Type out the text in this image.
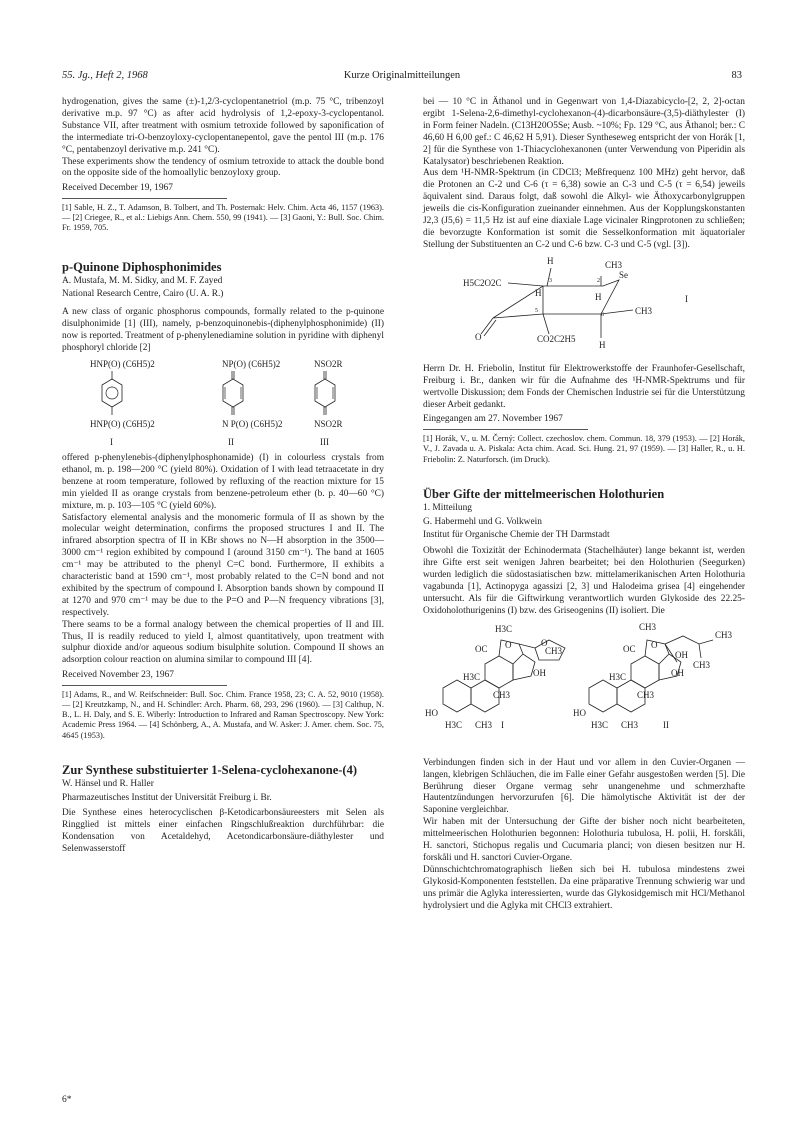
55. Jg., Heft 2, 1968	Kurze Originalmitteilungen	83

hydrogenation, gives the same (±)-1,2/3-cyclopentanetriol (m.p. 75 °C, tribenzoyl derivative m.p. 97 °C) as after acid hydrolysis of 1,2-epoxy-3-cyclopentanol. Substance VII, after treatment with osmium tetroxide followed by saponification of the intermediate tri-O-benzoyloxy-cyclopentanepentol, gave the pentol III (m.p. 176 °C, pentabenzoyl derivative m.p. 241 °C).

These experiments show the tendency of osmium tetroxide to attack the double bond on the opposite side of the homoallylic benzoyloxy group.

Received December 19, 1967

[1] Sable, H. Z., T. Adamson, B. Tolbert, and Th. Posternak: Helv. Chim. Acta 46, 1157 (1963). — [2] Criegee, R., et al.: Liebigs Ann. Chem. 550, 99 (1941). — [3] Gaoni, Y.: Bull. Soc. Chim. Fr. 1959, 705.

p-Quinone Diphosphonimides

A. Mustafa, M. M. Sidky, and M. F. Zayed

National Research Centre, Cairo (U. A. R.)

A new class of organic phosphorus compounds, formally related to the p-quinone disulphonimide [1] (III), namely, p-benzoquinonebis-(diphenylphosphonimide) (II) now is reported. Treatment of p-phenylenediamine solution in pyridine with diphenyl phosphoryl chloride [2]

HNP(O) (C6H5)2	NP(O) (C6H5)2	NSO2R
HNP(O) (C6H5)2	N P(O) (C6H5)2	NSO2R
I	II	III

offered p-phenylenebis-(diphenylphosphonamide) (I) in colourless crystals from ethanol, m. p. 198—200 °C (yield 80%). Oxidation of I with lead tetraacetate in dry benzene at room temperature, followed by refluxing of the reaction mixture for 15 min yielded II as orange crystals from benzene-petroleum ether (b. p. 40—60 °C) mixture, m. p. 103—105 °C (yield 60%).

Satisfactory elemental analysis and the monomeric formula of II as shown by the molecular weight determination, confirms the proposed structures I and II. The infrared absorption spectra of II in KBr shows no N—H absorption in the 3500—3000 cm⁻¹ region exhibited by compound I (around 3150 cm⁻¹). The band at 1605 cm⁻¹ may be attributed to the phenyl C=C bond. Furthermore, II exhibits a characteristic band at 1590 cm⁻¹, most probably related to the C=N bond and not exhibited by the spectrum of compound I. Absorption bands shown by compound II at 1270 and 970 cm⁻¹ may be due to the P=O and P—N frequency vibrations [3], respectively.

There seams to be a formal analogy between the chemical properties of II and III. Thus, II is readily reduced to yield I, almost quantitatively, upon treatment with sulphur dioxide and/or aqueous sodium bisulphite solution. Compound II shows an adsorption colour reaction on alumina similar to compound III [4].

Received November 23, 1967

[1] Adams, R., and W. Reifschneider: Bull. Soc. Chim. France 1958, 23; C. A. 52, 9010 (1958). — [2] Kreutzkamp, N., and H. Schindler: Arch. Pharm. 68, 293, 296 (1960). — [3] Calthup, N. B., L. H. Daly, and S. E. Wiberly: Introduction to Infrared and Raman Spectroscopy. New York: Academic Press 1964. — [4] Schönberg, A., A. Mustafa, and W. Asker: J. Amer. chem. Soc. 75, 4645 (1953).

Zur Synthese substituierter 1-Selena-cyclohexanone-(4)

W. Hänsel und R. Haller

Pharmazeutisches Institut der Universität Freiburg i. Br.

Die Synthese eines heterocyclischen β-Ketodicarbonsäureesters mit Selen als Ringglied ist mittels einer einfachen Ringschlußreaktion durchführbar: die Kondensation von Acetaldehyd, Acetondicarbonsäure-diäthylester und Selenwasserstoff

bei — 10 °C in Äthanol und in Gegenwart von 1,4-Diazabicyclo-[2, 2, 2]-octan ergibt 1-Selena-2,6-dimethyl-cyclohexanon-(4)-dicarbonsäure-(3,5)-diäthylester (I) in Form feiner Nadeln. (C13H20O5Se; Ausb. ~10%; Fp. 129 °C, aus Äthanol; ber.: C 46,60 H 6,00 gef.: C 46,62 H 5,91). Dieser Syntheseweg entspricht der von Horák [1, 2] für die Synthese von 1-Thiacyclohexanonen (unter Verwendung von Piperidin als Katalysator) beschriebenen Reaktion.

Aus dem ¹H-NMR-Spektrum (in CDCl3; Meßfrequenz 100 MHz) geht hervor, daß die Protonen an C-2 und C-6 (τ = 6,38) sowie an C-3 und C-5 (τ = 6,54) jeweils äquivalent sind. Daraus folgt, daß sowohl die Alkyl- wie Äthoxycarbonylgruppen jeweils die cis-Konfiguration zueinander einnehmen. Aus der Kopplungskonstanten J2,3 (J5,6) = 11,5 Hz ist auf eine diaxiale Lage vicinaler Ringprotonen zu schließen; die bevorzugte Konformation ist somit die Sesselkonformation mit äquatorialer Stellung der Substituenten an C-2 und C-6 bzw. C-3 und C-5 (vgl. [3]).

H	CH3
Se
H5C2O2C
H	H
CH3
O	CO2C2H5
H
3	2
5
6
I

Herrn Dr. H. Friebolin, Institut für Elektrowerkstoffe der Fraunhofer-Gesellschaft, Freiburg i. Br., danken wir für die Aufnahme des ¹H-NMR-Spektrums und für wertvolle Diskussion; dem Fonds der Chemischen Industrie sei für die Unterstützung dieser Arbeit gedankt.

Eingegangen am 27. November 1967

[1] Horák, V., u. M. Černý: Collect. czechoslov. chem. Commun. 18, 379 (1953). — [2] Horák, V., J. Zavada u. A. Piskala: Acta chim. Acad. Sci. Hung. 21, 97 (1959). — [3] Haller, R., u. H. Friebolin: Z. Naturforsch. (im Druck).

Über Gifte der mittelmeerischen Holothurien

1. Mitteilung

G. Habermehl und G. Volkwein

Institut für Organische Chemie der TH Darmstadt

Obwohl die Toxizität der Echinodermata (Stachelhäuter) lange bekannt ist, werden ihre Gifte erst seit wenigen Jahren bearbeitet; bei den Holothurien (Seegurken) wurden lediglich die südostasiatischen bzw. mittelamerikanischen Arten Holothuria vagabunda [1], Actinopyga agassizi [2, 3] und Halodeima grisea [4] eingehender untersucht. Als für die Giftwirkung verantwortlich wurden Glykoside des 22.25-Oxidoholothurigenins (I) bzw. des Griseogenins (II) isoliert. Die

H3C
CH3
OC O	O
OH
H3C
CH3
HO
H3C CH3 I
CH3
CH3
OC O
OH
OH
H3C
CH3
CH3
HO
H3C CH3	II

Verbindungen finden sich in der Haut und vor allem in den Cuvier-Organen — langen, klebrigen Schläuchen, die im Falle einer Gefahr ausgestoßen werden [5]. Die Berührung dieser Organe vermag sehr unangenehme und schmerzhafte Hautentzündungen hervorzurufen [6]. Die hämolytische Aktivität ist der der Saponine vergleichbar.

Wir haben mit der Untersuchung der Gifte der bisher noch nicht bearbeiteten, mittelmeerischen Holothurien begonnen: Holothuria tubulosa, H. polii, H. forskåli, H. sanctori, Stichopus regalis und Cucumaria planci; von diesen besitzen nur H. forskåli und H. sanctori Cuvier-Organe.

Dünnschichtchromatographisch ließen sich bei H. tubulosa mindestens zwei Glykosid-Komponenten feststellen. Da eine präparative Trennung schwierig war und uns primär die Aglyka interessierten, wurde das Glykosidgemisch mit HCl/Methanol hydrolysiert und die Aglyka mit CHCl3 extrahiert.

6*
